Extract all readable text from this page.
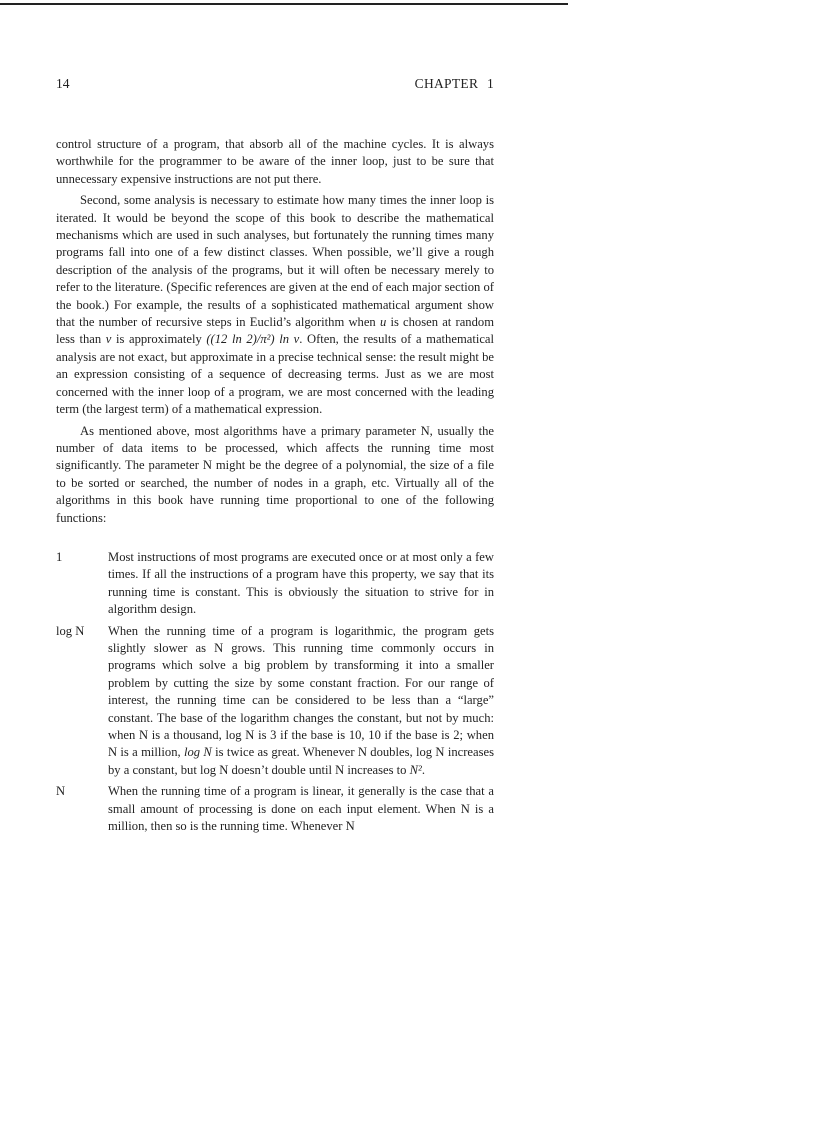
14	CHAPTER 1

control structure of a program, that absorb all of the machine cycles. It is always worthwhile for the programmer to be aware of the inner loop, just to be sure that unnecessary expensive instructions are not put there.

Second, some analysis is necessary to estimate how many times the inner loop is iterated. It would be beyond the scope of this book to describe the mathematical mechanisms which are used in such analyses, but fortunately the running times many programs fall into one of a few distinct classes. When possible, we’ll give a rough description of the analysis of the programs, but it will often be necessary merely to refer to the literature. (Specific references are given at the end of each major section of the book.) For example, the results of a sophisticated mathematical argument show that the number of recursive steps in Euclid’s algorithm when u is chosen at random less than v is approximately ((12 ln 2)/π²) ln v. Often, the results of a mathematical analysis are not exact, but approximate in a precise technical sense: the result might be an expression consisting of a sequence of decreasing terms. Just as we are most concerned with the inner loop of a program, we are most concerned with the leading term (the largest term) of a mathematical expression.

As mentioned above, most algorithms have a primary parameter N, usually the number of data items to be processed, which affects the running time most significantly. The parameter N might be the degree of a polynomial, the size of a file to be sorted or searched, the number of nodes in a graph, etc. Virtually all of the algorithms in this book have running time proportional to one of the following functions:

1	Most instructions of most programs are executed once or at most only a few times. If all the instructions of a program have this property, we say that its running time is constant. This is obviously the situation to strive for in algorithm design.
log N	When the running time of a program is logarithmic, the program gets slightly slower as N grows. This running time commonly occurs in programs which solve a big problem by transforming it into a smaller problem by cutting the size by some constant fraction. For our range of interest, the running time can be considered to be less than a “large” constant. The base of the logarithm changes the constant, but not by much: when N is a thousand, log N is 3 if the base is 10, 10 if the base is 2; when N is a million, log N is twice as great. Whenever N doubles, log N increases by a constant, but log N doesn’t double until N increases to N².
N	When the running time of a program is linear, it generally is the case that a small amount of processing is done on each input element. When N is a million, then so is the running time. Whenever N
